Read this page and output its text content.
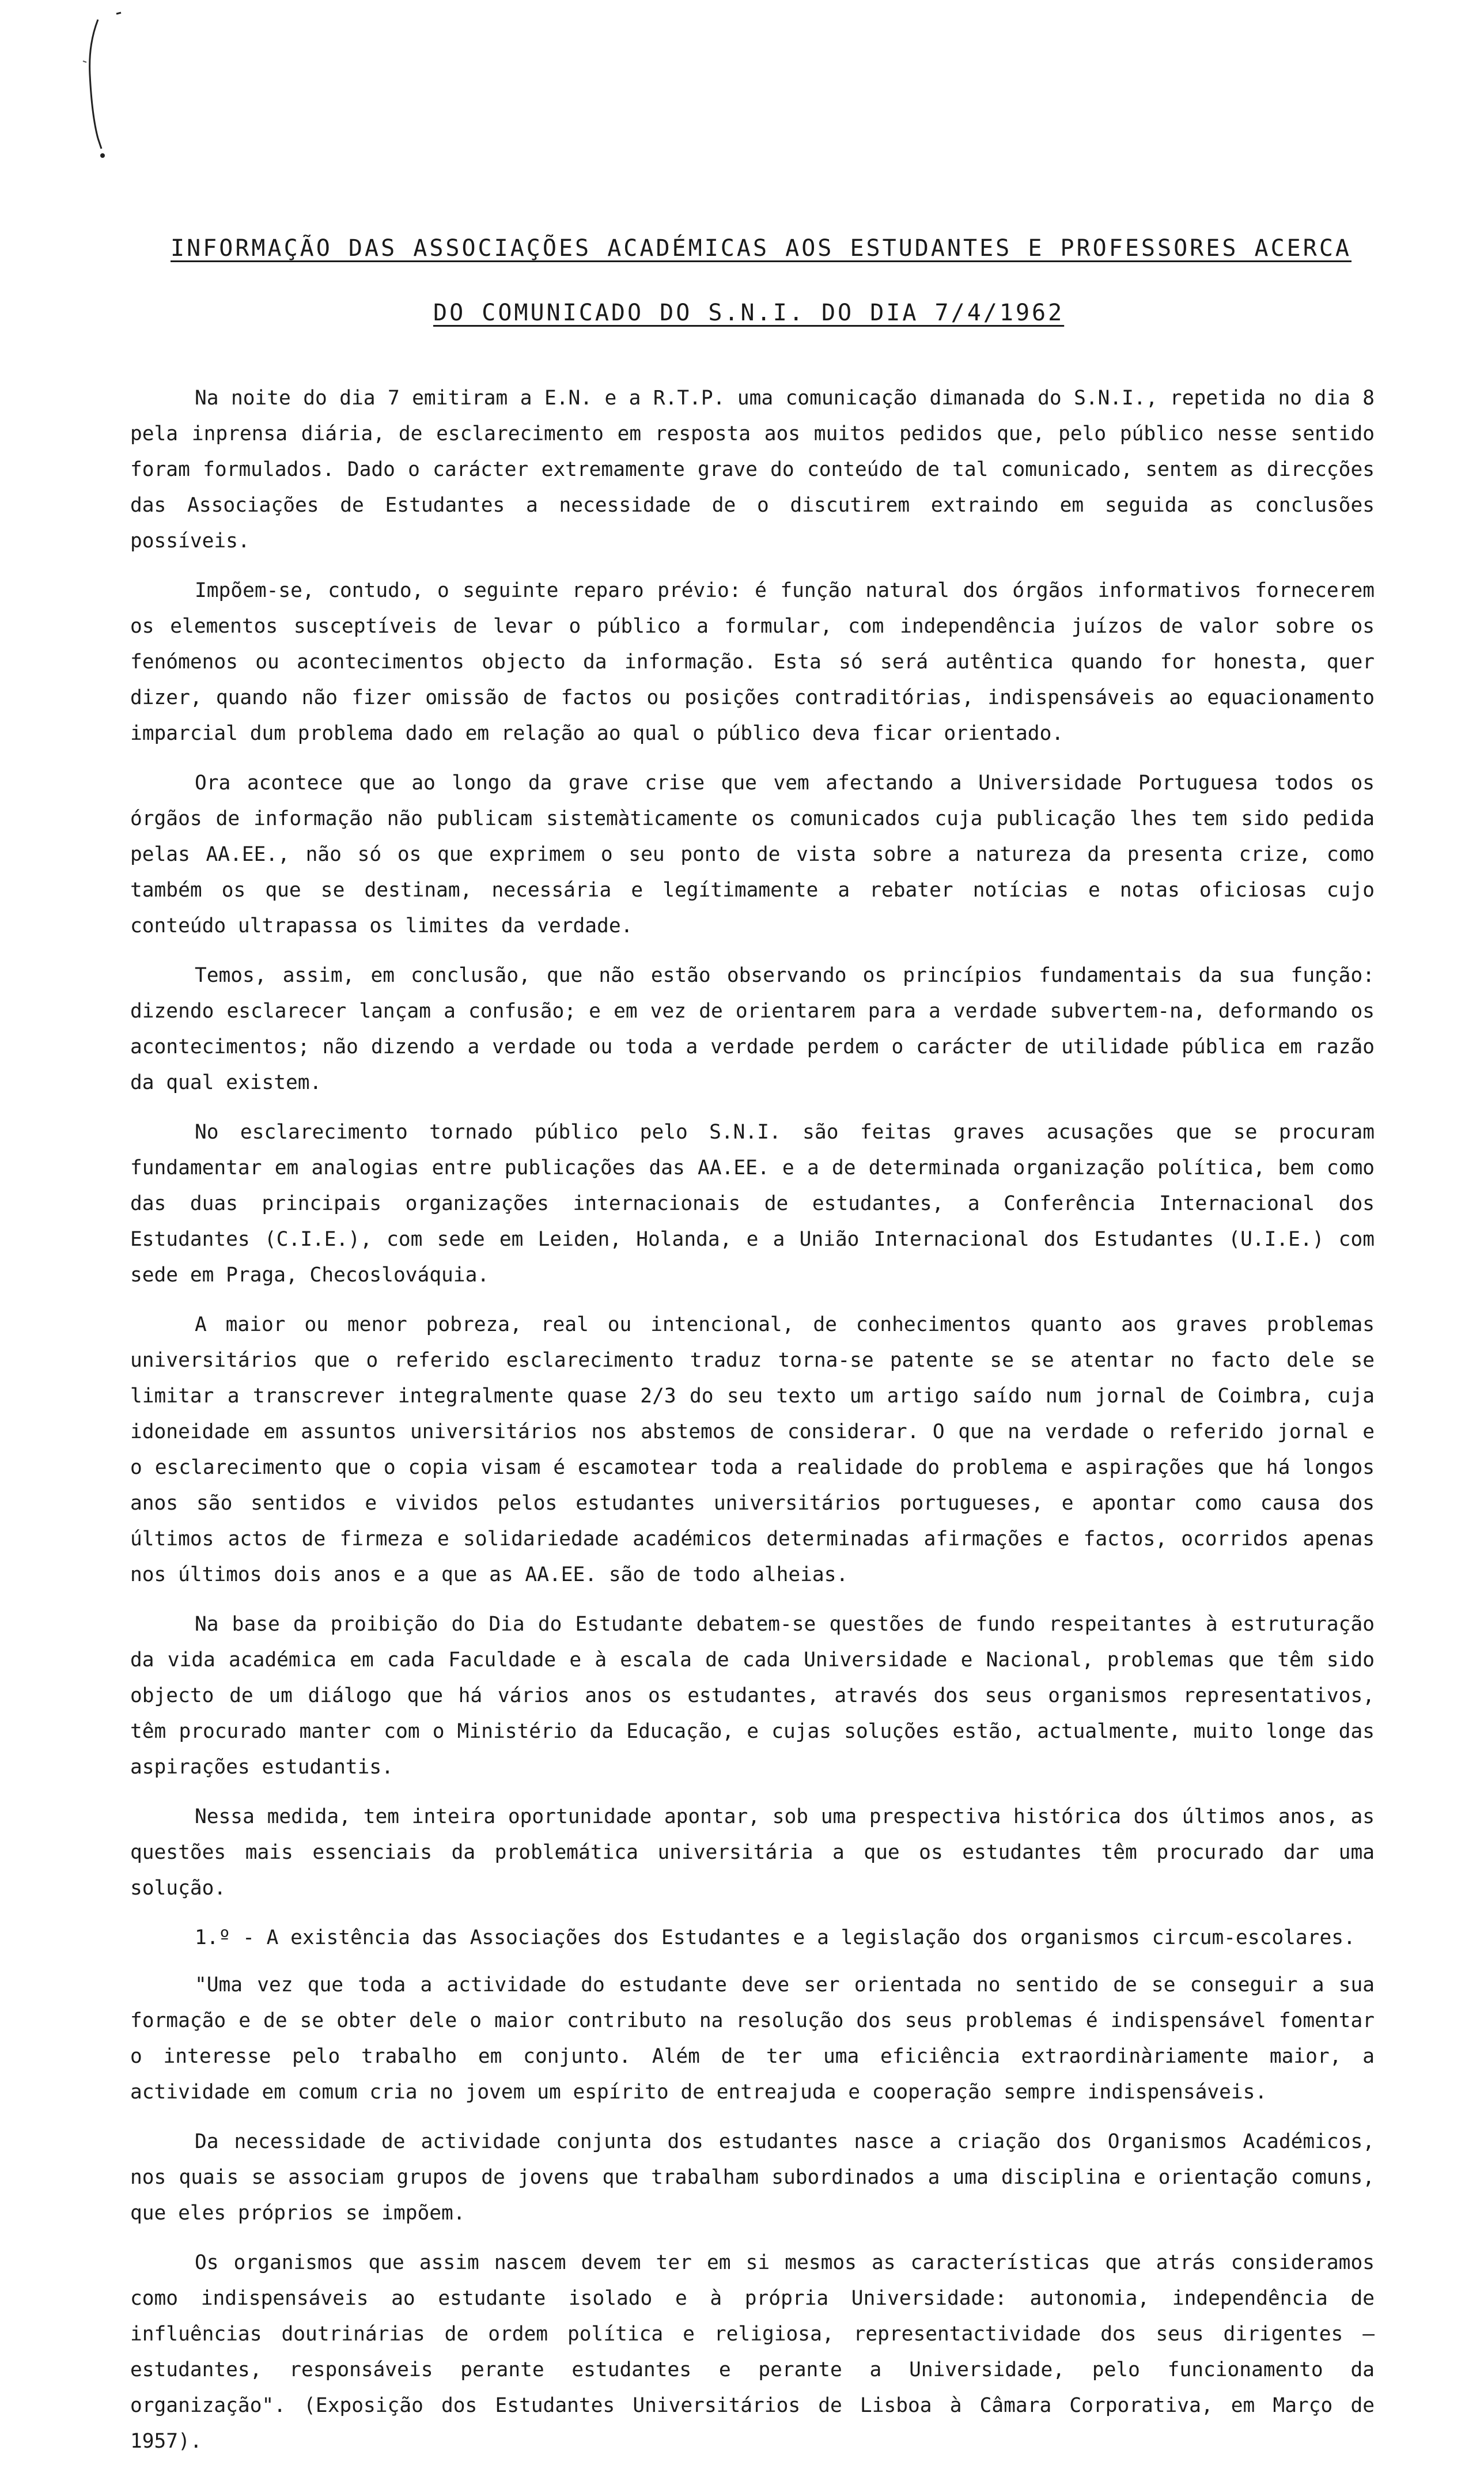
INFORMAÇÃO DAS ASSOCIAÇÕES ACADÉMICAS AOS ESTUDANTES E PROFESSORES ACERCA
DO COMUNICADO DO S.N.I. DO DIA 7/4/1962

Na noite do dia 7 emitiram a E.N. e a R.T.P. uma comunicação dimanada do S.N.I., repetida no dia 8 pela inprensa diária, de esclarecimento em resposta aos muitos pedidos que, pelo público nesse sentido foram formulados. Dado o carácter extremamente grave do conteúdo de tal comunicado, sentem as direcções das Associações de Estudantes a necessidade de o discutirem extraindo em seguida as conclusões possíveis.

Impõem-se, contudo, o seguinte reparo prévio: é função natural dos órgãos informativos fornecerem os elementos susceptíveis de levar o público a formular, com independência juízos de valor sobre os fenómenos ou acontecimentos objecto da informação. Esta só será autêntica quando for honesta, quer dizer, quando não fizer omissão de factos ou posições contraditórias, indispensáveis ao equacionamento imparcial dum problema dado em relação ao qual o público deva ficar orientado.

Ora acontece que ao longo da grave crise que vem afectando a Universidade Portuguesa todos os órgãos de informação não publicam sistemàticamente os comunicados cuja publicação lhes tem sido pedida pelas AA.EE., não só os que exprimem o seu ponto de vista sobre a natureza da presenta crize, como também os que se destinam, necessária e legítimamente a rebater notícias e notas oficiosas cujo conteúdo ultrapassa os limites da verdade.

Temos, assim, em conclusão, que não estão observando os princípios fundamentais da sua função: dizendo esclarecer lançam a confusão; e em vez de orientarem para a verdade subvertem-na, deformando os acontecimentos; não dizendo a verdade ou toda a verdade perdem o carácter de utilidade pública em razão da qual existem.

No esclarecimento tornado público pelo S.N.I. são feitas graves acusações que se procuram fundamentar em analogias entre publicações das AA.EE. e a de determinada organização política, bem como das duas principais organizações internacionais de estudantes, a Conferência Internacional dos Estudantes (C.I.E.), com sede em Leiden, Holanda, e a União Internacional dos Estudantes (U.I.E.) com sede em Praga, Checoslováquia.

A maior ou menor pobreza, real ou intencional, de conhecimentos quanto aos graves problemas universitários que o referido esclarecimento traduz torna-se patente se se atentar no facto dele se limitar a transcrever integralmente quase 2/3 do seu texto um artigo saído num jornal de Coimbra, cuja idoneidade em assuntos universitários nos abstemos de considerar. O que na verdade o referido jornal e o esclarecimento que o copia visam é escamotear toda a realidade do problema e aspirações que há longos anos são sentidos e vividos pelos estudantes universitários portugueses, e apontar como causa dos últimos actos de firmeza e solidariedade académicos determinadas afirmações e factos, ocorridos apenas nos últimos dois anos e a que as AA.EE. são de todo alheias.

Na base da proibição do Dia do Estudante debatem-se questões de fundo respeitantes à estruturação da vida académica em cada Faculdade e à escala de cada Universidade e Nacional, problemas que têm sido objecto de um diálogo que há vários anos os estudantes, através dos seus organismos representativos, têm procurado manter com o Ministério da Educação, e cujas soluções estão, actualmente, muito longe das aspirações estudantis.

Nessa medida, tem inteira oportunidade apontar, sob uma prespectiva histórica dos últimos anos, as questões mais essenciais da problemática universitária a que os estudantes têm procurado dar uma solução.

1.º - A existência das Associações dos Estudantes e a legislação dos organismos circum-escolares.

"Uma vez que toda a actividade do estudante deve ser orientada no sentido de se conseguir a sua formação e de se obter dele o maior contributo na resolução dos seus problemas é indispensável fomentar o interesse pelo trabalho em conjunto. Além de ter uma eficiência extraordinàriamente maior, a actividade em comum cria no jovem um espírito de entreajuda e cooperação sempre indispensáveis.

Da necessidade de actividade conjunta dos estudantes nasce a criação dos Organismos Académicos, nos quais se associam grupos de jovens que trabalham subordinados a uma disciplina e orientação comuns, que eles próprios se impõem.

Os organismos que assim nascem devem ter em si mesmos as características que atrás consideramos como indispensáveis ao estudante isolado e à própria Universidade: autonomia, independência de influências doutrinárias de ordem política e religiosa, representactividade dos seus dirigentes — estudantes, responsáveis perante estudantes e perante a Universidade, pelo funcionamento da organização". (Exposição dos Estudantes Universitários de Lisboa à Câmara Corporativa, em Março de 1957).
